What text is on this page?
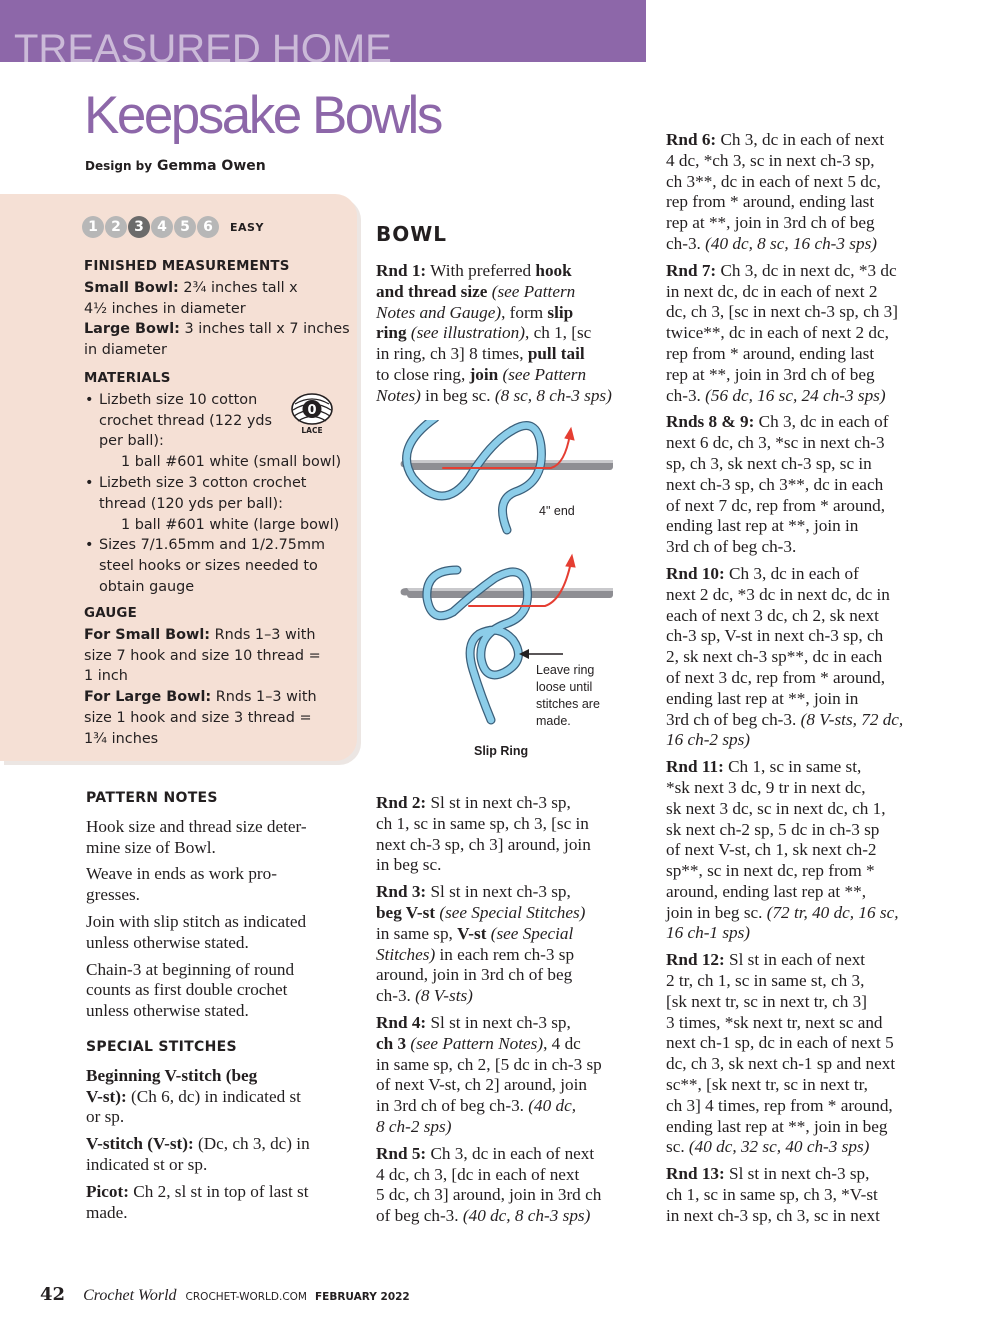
TREASURED HOME
Keepsake Bowls
Design by Gemma Owen
1 2 3 4 5 6	EASY
FINISHED MEASUREMENTS
Small Bowl: 2¾ inches tall x
4½ inches in diameter
Large Bowl: 3 inches tall x 7 inches
in diameter
MATERIALS
• Lizbeth size 10 cotton
crochet thread (122 yds
per ball):
1 ball #601 white (small bowl)
• Lizbeth size 3 cotton crochet
thread (120 yds per ball):
1 ball #601 white (large bowl)
• Sizes 7/1.65mm and 1/2.75mm
steel hooks or sizes needed to
obtain gauge
0
LACE
GAUGE
For Small Bowl: Rnds 1–3 with
size 7 hook and size 10 thread =
1 inch
For Large Bowl: Rnds 1–3 with
size 1 hook and size 3 thread =
1¾ inches
PATTERN NOTES

Hook size and thread size deter-
mine size of Bowl.

Weave in ends as work pro-
gresses.

Join with slip stitch as indicated
unless otherwise stated.

Chain-3 at beginning of round
counts as first double crochet
unless otherwise stated.

SPECIAL STITCHES

Beginning V-stitch (beg
V-st): (Ch 6, dc) in indicated st
or sp.

V-stitch (V-st): (Dc, ch 3, dc) in
indicated st or sp.

Picot: Ch 2, sl st in top of last st
made.

BOWL

Rnd 1: With preferred hook
and thread size (see Pattern
Notes and Gauge), form slip
ring (see illustration), ch 1, [sc
in ring, ch 3] 8 times, pull tail
to close ring, join (see Pattern
Notes) in beg sc. (8 sc, 8 ch-3 sps)

4" end
Leave ring
loose until
stitches are
made.
Slip Ring

Rnd 2: Sl st in next ch-3 sp,
ch 1, sc in same sp, ch 3, [sc in
next ch-3 sp, ch 3] around, join
in beg sc.

Rnd 3: Sl st in next ch-3 sp,
beg V-st (see Special Stitches)
in same sp, V-st (see Special
Stitches) in each rem ch-3 sp
around, join in 3rd ch of beg
ch-3. (8 V-sts)

Rnd 4: Sl st in next ch-3 sp,
ch 3 (see Pattern Notes), 4 dc
in same sp, ch 2, [5 dc in ch-3 sp
of next V-st, ch 2] around, join
in 3rd ch of beg ch-3. (40 dc,
8 ch-2 sps)

Rnd 5: Ch 3, dc in each of next
4 dc, ch 3, [dc in each of next
5 dc, ch 3] around, join in 3rd ch
of beg ch-3. (40 dc, 8 ch-3 sps)

Rnd 6: Ch 3, dc in each of next
4 dc, *ch 3, sc in next ch-3 sp,
ch 3**, dc in each of next 5 dc,
rep from * around, ending last
rep at **, join in 3rd ch of beg
ch-3. (40 dc, 8 sc, 16 ch-3 sps)

Rnd 7: Ch 3, dc in next dc, *3 dc
in next dc, dc in each of next 2
dc, ch 3, [sc in next ch-3 sp, ch 3]
twice**, dc in each of next 2 dc,
rep from * around, ending last
rep at **, join in 3rd ch of beg
ch-3. (56 dc, 16 sc, 24 ch-3 sps)

Rnds 8 & 9: Ch 3, dc in each of
next 6 dc, ch 3, *sc in next ch-3
sp, ch 3, sk next ch-3 sp, sc in
next ch-3 sp, ch 3**, dc in each
of next 7 dc, rep from * around,
ending last rep at **, join in
3rd ch of beg ch-3.

Rnd 10: Ch 3, dc in each of
next 2 dc, *3 dc in next dc, dc in
each of next 3 dc, ch 2, sk next
ch-3 sp, V-st in next ch-3 sp, ch
2, sk next ch-3 sp**, dc in each
of next 3 dc, rep from * around,
ending last rep at **, join in
3rd ch of beg ch-3. (8 V-sts, 72 dc,
16 ch-2 sps)

Rnd 11: Ch 1, sc in same st,
*sk next 3 dc, 9 tr in next dc,
sk next 3 dc, sc in next dc, ch 1,
sk next ch-2 sp, 5 dc in ch-3 sp
of next V-st, ch 1, sk next ch-2
sp**, sc in next dc, rep from *
around, ending last rep at **,
join in beg sc. (72 tr, 40 dc, 16 sc,
16 ch-1 sps)

Rnd 12: Sl st in each of next
2 tr, ch 1, sc in same st, ch 3,
[sk next tr, sc in next tr, ch 3]
3 times, *sk next tr, next sc and
next ch-1 sp, dc in each of next 5
dc, ch 3, sk next ch-1 sp and next
sc**, [sk next tr, sc in next tr,
ch 3] 4 times, rep from * around,
ending last rep at **, join in beg
sc. (40 dc, 32 sc, 40 ch-3 sps)

Rnd 13: Sl st in next ch-3 sp,
ch 1, sc in same sp, ch 3, *V-st
in next ch-3 sp, ch 3, sc in next

42 Crochet World CROCHET-WORLD.COM FEBRUARY 2022
